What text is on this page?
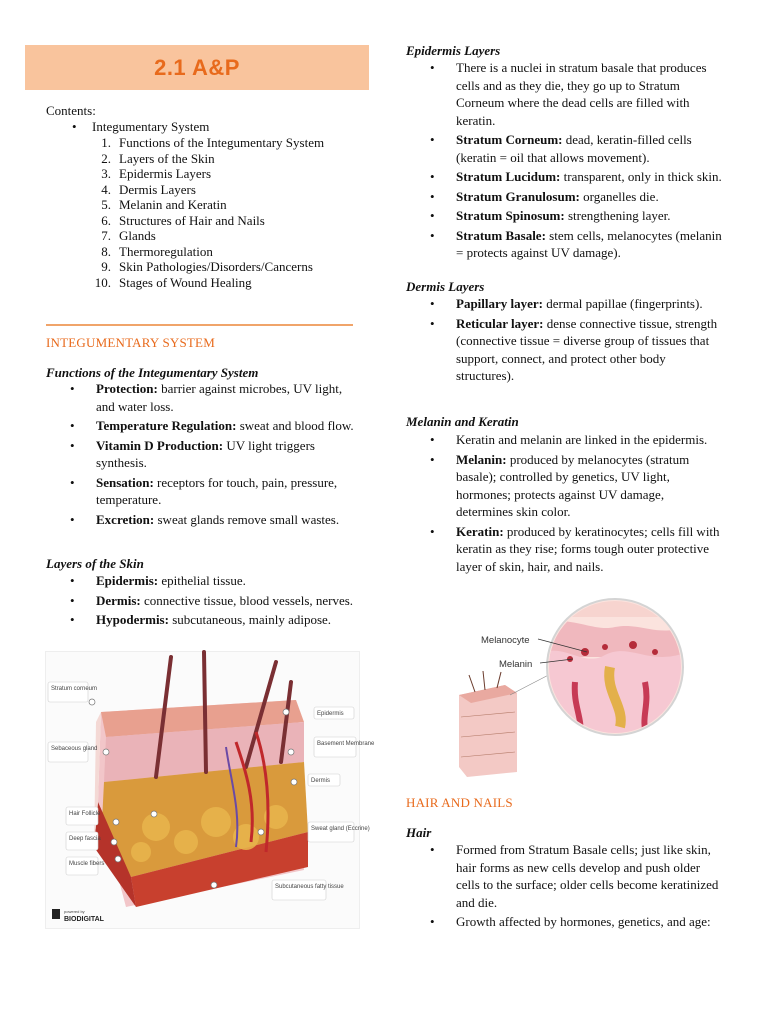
2.1 A&P
Contents:
•
Integumentary System
1. Functions of the Integumentary System
2. Layers of the Skin
3. Epidermis Layers
4. Dermis Layers
5. Melanin and Keratin
6. Structures of Hair and Nails
7. Glands
8. Thermoregulation
9. Skin Pathologies/Disorders/Cancerns
10. Stages of Wound Healing
INTEGUMENTARY SYSTEM
Functions of the Integumentary System
•
Protection: barrier against microbes, UV light, and water loss.
•
Temperature Regulation: sweat and blood flow.
•
Vitamin D Production: UV light triggers synthesis.
•
Sensation: receptors for touch, pain, pressure, temperature.
•
Excretion: sweat glands remove small wastes.
Layers of the Skin
•
Epidermis: epithelial tissue.
•
Dermis: connective tissue, blood vessels, nerves.
•
Hypodermis: subcutaneous, mainly adipose.
Stratum corneum
Sebaceous gland
Hair Follicle
Deep fascia
Muscle fibers
Epidermis
Basement Membrane
Dermis
Sweat gland (Eccrine)
Subcutaneous fatty tissue
powered by
BIODIGITAL
Epidermis Layers
•
There is a nuclei in stratum basale that produces cells and as they die, they go up to Stratum Corneum where the dead cells are filled with keratin.
•
Stratum Corneum: dead, keratin-filled cells (keratin = oil that allows movement).
•
Stratum Lucidum: transparent, only in thick skin.
•
Stratum Granulosum: organelles die.
•
Stratum Spinosum: strengthening layer.
•
Stratum Basale: stem cells, melanocytes (melanin = protects against UV damage).
Dermis Layers
•
Papillary layer: dermal papillae (fingerprints).
•
Reticular layer: dense connective tissue, strength (connective tissue = diverse group of tissues that support, connect, and protect other body structures).
Melanin and Keratin
•
Keratin and melanin are linked in the epidermis.
•
Melanin: produced by melanocytes (stratum basale); controlled by genetics, UV light, hormones; protects against UV damage, determines skin color.
•
Keratin: produced by keratinocytes; cells fill with keratin as they rise; forms tough outer protective layer of skin, hair, and nails.
Melanocyte
Melanin
HAIR AND NAILS
Hair
•
Formed from Stratum Basale cells; just like skin, hair forms as new cells develop and push older cells to the surface; older cells become keratinized and die.
•
Growth affected by hormones, genetics, and age:
